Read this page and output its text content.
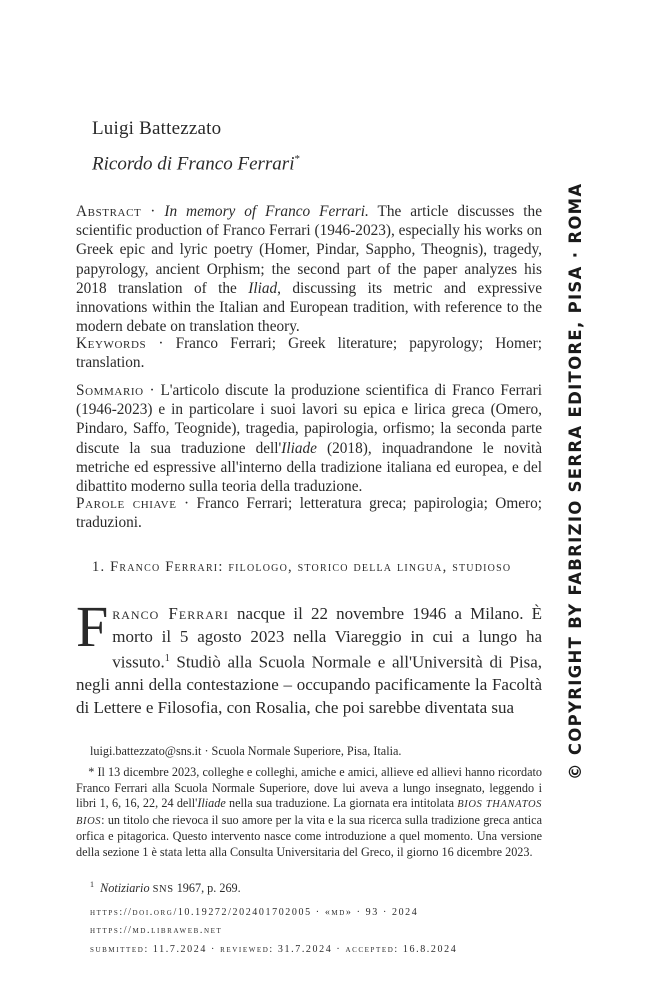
Luigi Battezzato
Ricordo di Franco Ferrari*
Abstract · In memory of Franco Ferrari. The article discusses the scientific production of Franco Ferrari (1946-2023), especially his works on Greek epic and lyric poetry (Homer, Pindar, Sappho, Theognis), tragedy, papyrology, ancient Orphism; the second part of the paper analyzes his 2018 translation of the Iliad, discussing its metric and expressive innovations within the Italian and European tradition, with reference to the modern debate on translation theory.
Keywords · Franco Ferrari; Greek literature; papyrology; Homer; translation.
Sommario · L'articolo discute la produzione scientifica di Franco Ferrari (1946-2023) e in particolare i suoi lavori su epica e lirica greca (Omero, Pindaro, Saffo, Teognide), tragedia, papirologia, orfismo; la seconda parte discute la sua traduzione dell'Iliade (2018), inquadrandone le novità metriche ed espressive all'interno della tradizione italiana ed europea, e del dibattito moderno sulla teoria della traduzione.
Parole chiave · Franco Ferrari; letteratura greca; papirologia; Omero; traduzioni.
1. Franco Ferrari: filologo, storico della lingua, studioso
Franco Ferrari nacque il 22 novembre 1946 a Milano. È morto il 5 agosto 2023 nella Viareggio in cui a lungo ha vissuto.$^1$ Studiò alla Scuola Normale e all'Università di Pisa, negli anni della contestazione – occupando pacificamente la Facoltà di Lettere e Filosofia, con Rosalia, che poi sarebbe diventata sua
luigi.battezzato@sns.it · Scuola Normale Superiore, Pisa, Italia.
 * Il 13 dicembre 2023, colleghe e colleghi, amiche e amici, allieve ed allievi hanno ricordato Franco Ferrari alla Scuola Normale Superiore, dove lui aveva a lungo insegnato, leggendo i libri 1, 6, 16, 22, 24 dell'Iliade nella sua traduzione. La giornata era intitolata BIOS THANATOS BIOS: un titolo che rievoca il suo amore per la vita e la sua ricerca sulla tradizione greca antica orfica e pitagorica. Questo intervento nasce come introduzione a quel momento. Una versione della sezione 1 è stata letta alla Consulta Universitaria del Greco, il giorno 16 dicembre 2023.
$^1$  Notiziario SNS 1967, p. 269.
https://doi.org/10.19272/202401702005 · «md» · 93 · 2024
https://md.libraweb.net
submitted: 11.7.2024 · reviewed: 31.7.2024 · accepted: 16.8.2024
© COPYRIGHT BY FABRIZIO SERRA EDITORE, PISA · ROMA
